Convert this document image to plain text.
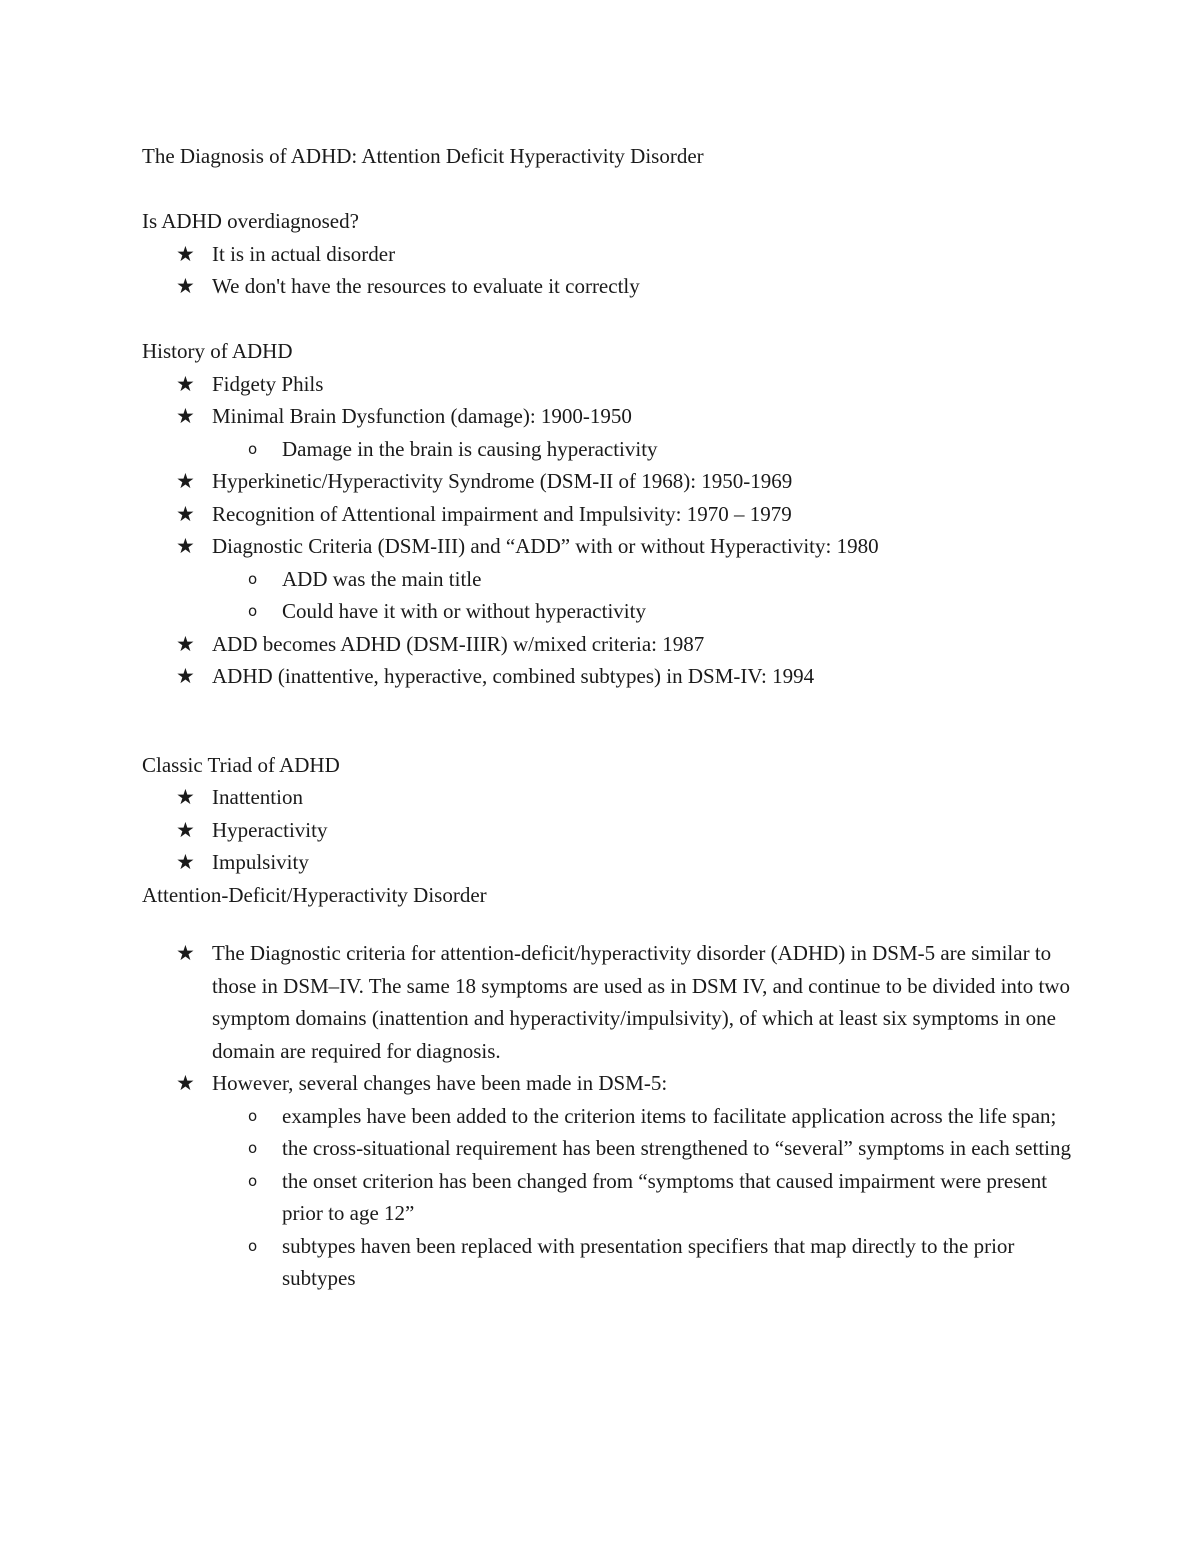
The Diagnosis of ADHD: Attention Deficit Hyperactivity Disorder

Is ADHD overdiagnosed?

★ It is in actual disorder

★ We don't have the resources to evaluate it correctly

History of ADHD

★ Fidgety Phils

★ Minimal Brain Dysfunction (damage): 1900-1950

o Damage in the brain is causing hyperactivity

★ Hyperkinetic/Hyperactivity Syndrome (DSM-II of 1968): 1950-1969

★ Recognition of Attentional impairment and Impulsivity: 1970 – 1979

★ Diagnostic Criteria (DSM-III) and “ADD” with or without Hyperactivity: 1980

o ADD was the main title

o Could have it with or without hyperactivity

★ ADD becomes ADHD (DSM-IIIR) w/mixed criteria: 1987

★ ADHD (inattentive, hyperactive, combined subtypes) in DSM-IV: 1994

Classic Triad of ADHD

★ Inattention

★ Hyperactivity

★ Impulsivity

Attention-Deficit/Hyperactivity Disorder

★ The Diagnostic criteria for attention-deficit/hyperactivity disorder (ADHD) in DSM-5 are similar to those in DSM–IV. The same 18 symptoms are used as in DSM IV, and continue to be divided into two symptom domains (inattention and hyperactivity/impulsivity), of which at least six symptoms in one domain are required for diagnosis.

★ However, several changes have been made in DSM-5:

o examples have been added to the criterion items to facilitate application across the life span;

o the cross-situational requirement has been strengthened to “several” symptoms in each setting

o the onset criterion has been changed from “symptoms that caused impairment were present prior to age 12”

o subtypes haven been replaced with presentation specifiers that map directly to the prior subtypes
